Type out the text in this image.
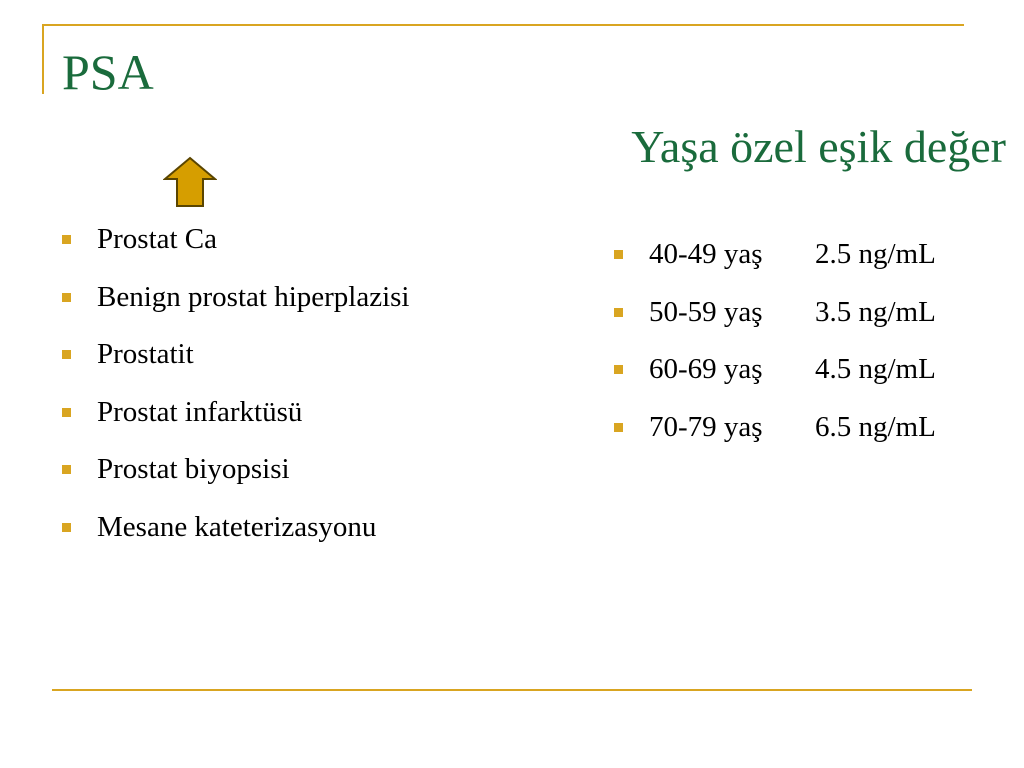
PSA
Yaşa özel eşik değer
Prostat Ca
Benign prostat hiperplazisi
Prostatit
Prostat infarktüsü
Prostat biyopsisi
Mesane kateterizasyonu
40-49 yaş 2.5 ng/mL
50-59 yaş 3.5 ng/mL
60-69 yaş 4.5 ng/mL
70-79 yaş 6.5 ng/mL
